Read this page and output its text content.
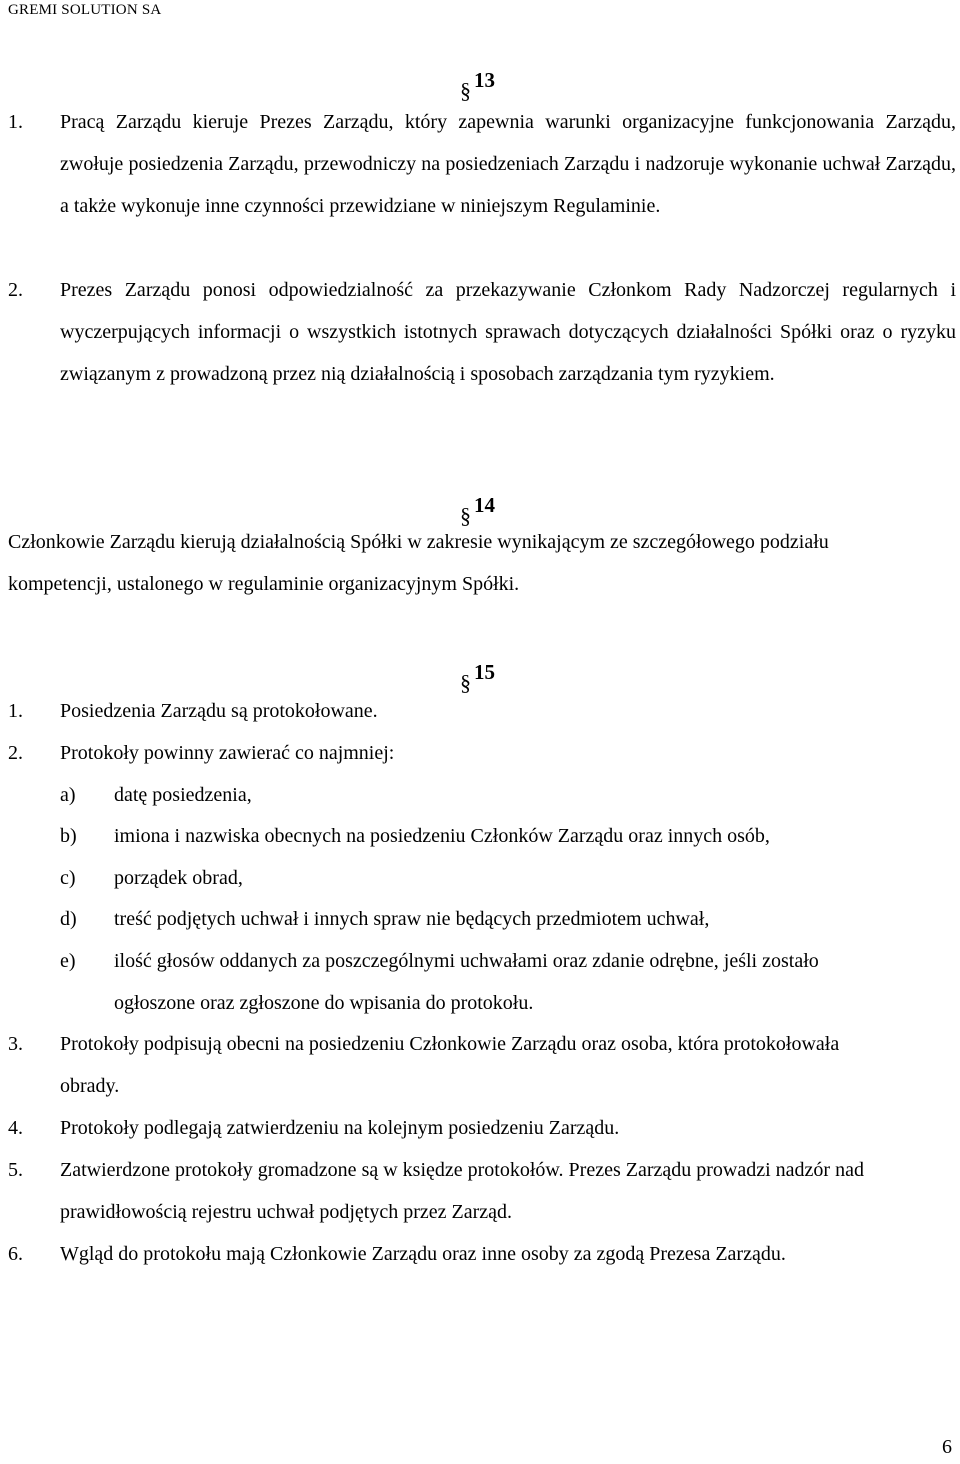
GREMI SOLUTION SA
§ 13
1. Pracą Zarządu kieruje Prezes Zarządu, który zapewnia warunki organizacyjne funkcjonowania Zarządu, zwołuje posiedzenia Zarządu, przewodniczy na posiedzeniach Zarządu i nadzoruje wykonanie uchwał Zarządu, a także wykonuje inne czynności przewidziane w niniejszym Regulaminie.
2. Prezes Zarządu ponosi odpowiedzialność za przekazywanie Członkom Rady Nadzorczej regularnych i wyczerpujących informacji o wszystkich istotnych sprawach dotyczących działalności Spółki oraz o ryzyku związanym z prowadzoną przez nią działalnością i sposobach zarządzania tym ryzykiem.
§ 14
Członkowie Zarządu kierują działalnością Spółki w zakresie wynikającym ze szczegółowego podziału kompetencji, ustalonego w regulaminie organizacyjnym Spółki.
§ 15
1. Posiedzenia Zarządu są protokołowane.
2. Protokoły powinny zawierać co najmniej:
a) datę posiedzenia,
b) imiona i nazwiska obecnych na posiedzeniu Członków Zarządu oraz innych osób,
c) porządek obrad,
d) treść podjętych uchwał i innych spraw nie będących przedmiotem uchwał,
e) ilość głosów oddanych za poszczególnymi uchwałami oraz zdanie odrębne, jeśli zostało ogłoszone oraz zgłoszone do wpisania do protokołu.
3. Protokoły podpisują obecni na posiedzeniu Członkowie Zarządu oraz osoba, która protokołowała obrady.
4. Protokoły podlegają zatwierdzeniu na kolejnym posiedzeniu Zarządu.
5. Zatwierdzone protokoły gromadzone są w księdze protokołów. Prezes Zarządu prowadzi nadzór nad prawidłowością rejestru uchwał podjętych przez Zarząd.
6. Wgląd do protokołu mają Członkowie Zarządu oraz inne osoby za zgodą Prezesa Zarządu.
6
